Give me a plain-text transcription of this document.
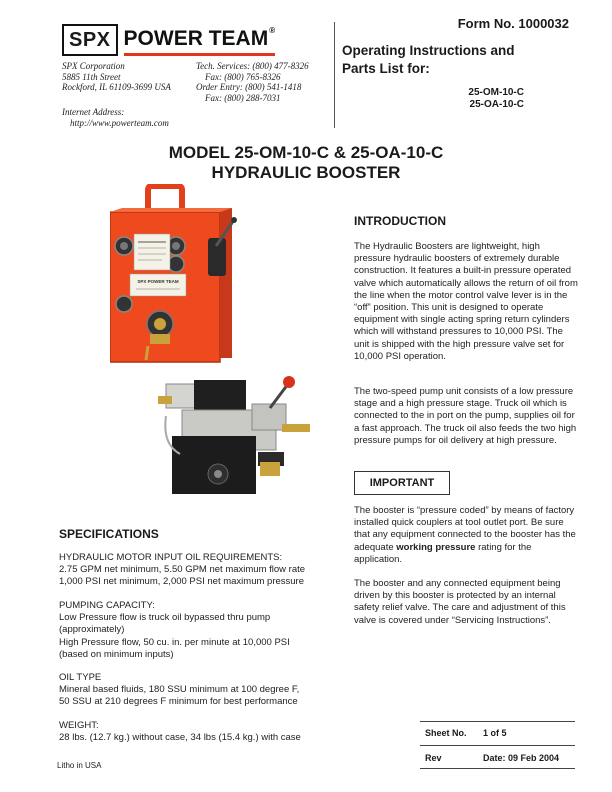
SPX POWER TEAM®
SPX Corporation
5885 11th Street
Rockford, IL 61109-3699 USA
Tech. Services: (800) 477-8326
Fax: (800) 765-8326
Order Entry: (800) 541-1418
Fax: (800) 288-7031
Internet Address:
http://www.powerteam.com
Form No. 1000032
Operating Instructions and
Parts List for:
25-OM-10-C
25-OA-10-C
MODEL 25-OM-10-C & 25-OA-10-C
HYDRAULIC BOOSTER
SPX POWER TEAM
INTRODUCTION
The Hydraulic Boosters are lightweight, high pressure hydraulic boosters of extremely durable construction. It features a built-in pressure operated valve which automatically allows the return of oil from the line when the motor control valve lever is in the “off” position. This unit is designed to operate equipment with single acting spring return cylinders which will withstand pressures to 10,000 PSI. The unit is shipped with the high pressure valve set for 10,000 PSI operation.
The two-speed pump unit consists of a low pressure stage and a high pressure stage. Truck oil which is connected to the in port on the pump, supplies oil for a fast approach. The truck oil also feeds the two high pressure pumps for oil delivery at high pressure.
IMPORTANT
The booster is “pressure coded” by means of factory installed quick couplers at tool outlet port. Be sure that any equipment connected to the booster has the adequate working pressure rating for the application.
The booster and any connected equipment being driven by this booster is protected by an internal safety relief valve. The care and adjustment of this valve is covered under “Servicing Instructions”.
SPECIFICATIONS
HYDRAULIC MOTOR INPUT OIL REQUIREMENTS:
2.75 GPM net minimum, 5.50 GPM net maximum flow rate
1,000 PSI net minimum, 2,000 PSI net maximum pressure
PUMPING CAPACITY:
Low Pressure flow is truck oil bypassed thru pump
(approximately)
High Pressure flow, 50 cu. in. per minute at 10,000 PSI
(based on minimum inputs)
OIL TYPE
Mineral based fluids, 180 SSU minimum at 100 degree F,
50 SSU at 210 degrees F minimum for best performance
WEIGHT:
28 lbs. (12.7 kg.) without case, 34 lbs (15.4 kg.) with case
Litho in USA
Sheet No. 1 of 5
Rev	Date: 09 Feb 2004
